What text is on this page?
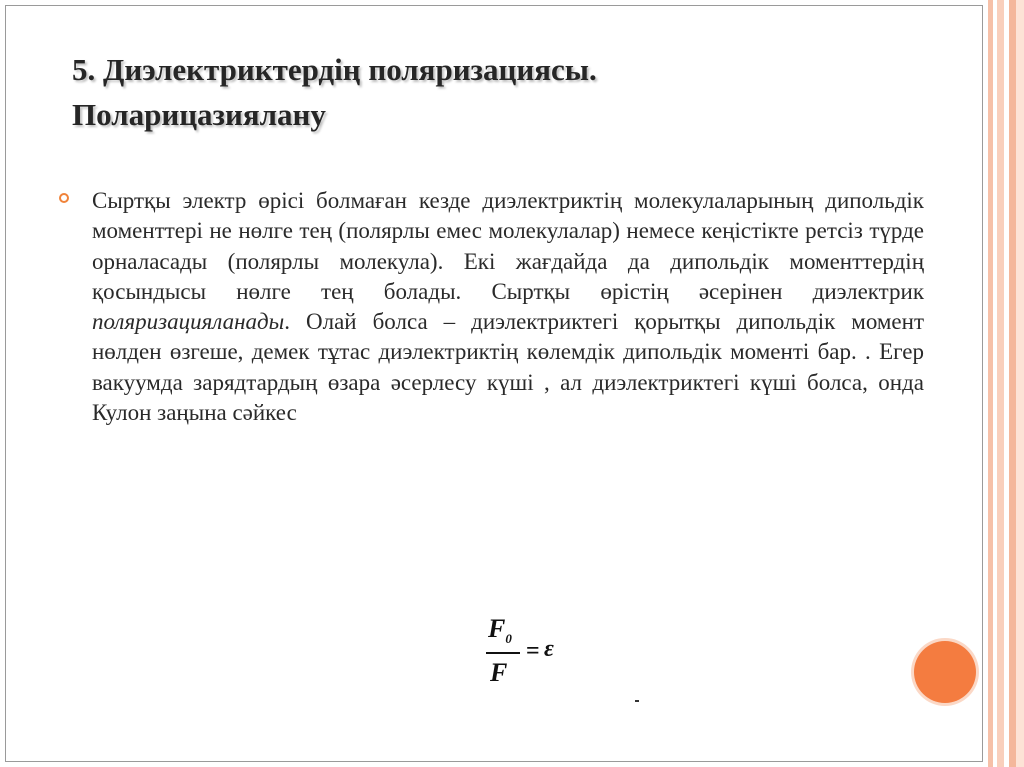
5. Диэлектриктердің поляризациясы.
Поларицазиялану

Сыртқы электр өрісі болмаған кезде диэлектриктің молекулаларының дипольдік моменттері не нөлге тең (полярлы емес молекулалар) немесе кеңістікте ретсіз түрде орналасады (полярлы молекула). Екі жағдайда да дипольдік моменттердің қосындысы нөлге тең болады. Сыртқы өрістің әсерінен диэлектрик поляризацияланады. Олай болса – диэлектриктегі қорытқы дипольдік момент нөлден өзгеше, демек тұтас диэлектриктің көлемдік дипольдік моменті бар. . Егер вакуумда зарядтардың өзара әсерлесу күші , ал диэлектриктегі күші болса, онда Кулон заңына сәйкес

$F_0$
F
= ε
